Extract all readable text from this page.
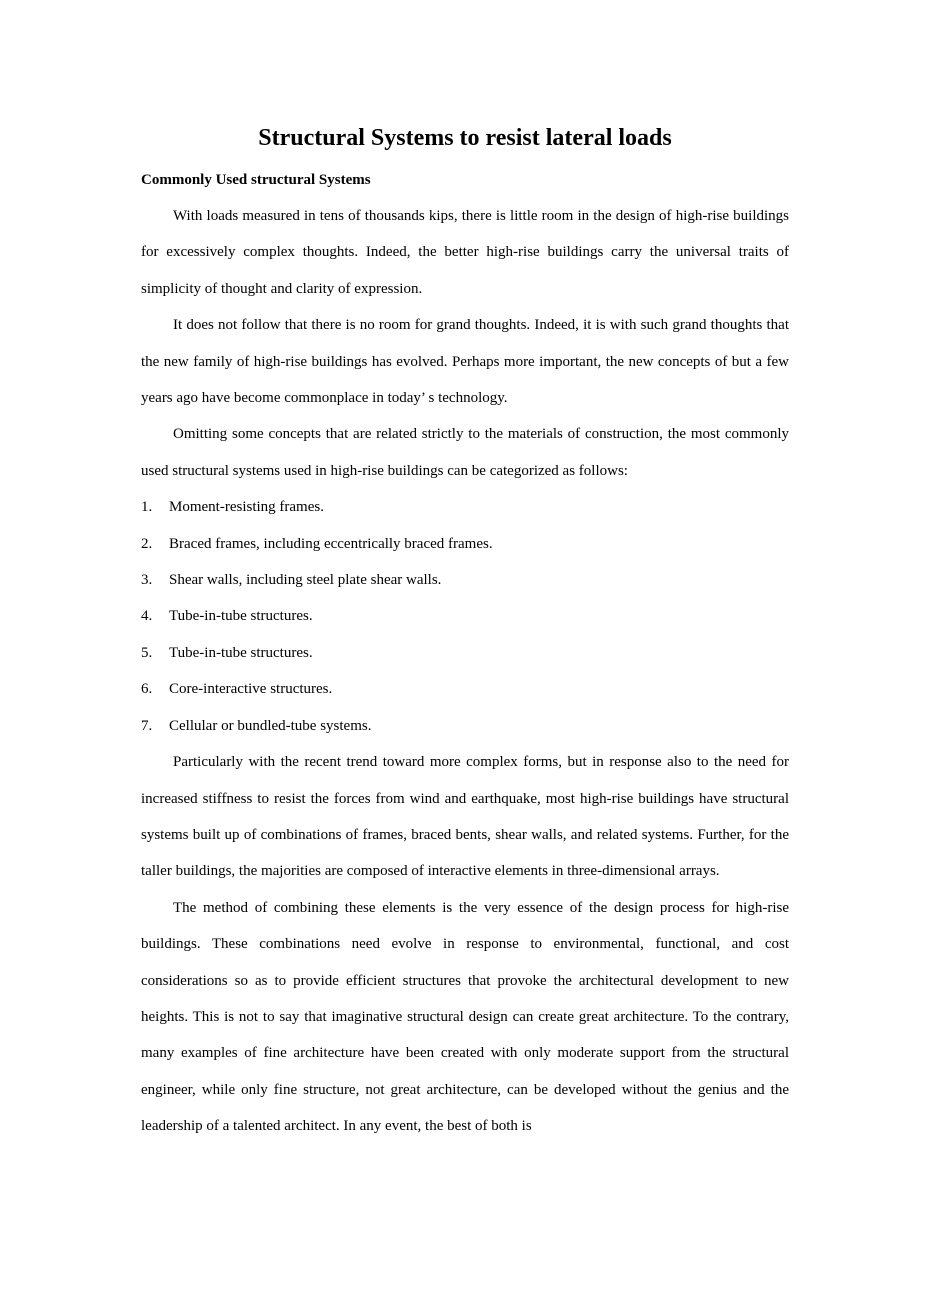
Structural Systems to resist lateral loads
Commonly Used structural Systems

With loads measured in tens of thousands kips, there is little room in the design of high-rise buildings for excessively complex thoughts. Indeed, the better high-rise buildings carry the universal traits of simplicity of thought and clarity of expression.

It does not follow that there is no room for grand thoughts. Indeed, it is with such grand thoughts that the new family of high-rise buildings has evolved. Perhaps more important, the new concepts of but a few years ago have become commonplace in today’ s technology.

Omitting some concepts that are related strictly to the materials of construction, the most commonly used structural systems used in high-rise buildings can be categorized as follows:

1.	Moment-resisting frames.
2.	Braced frames, including eccentrically braced frames.
3.	Shear walls, including steel plate shear walls.
4.	Tube-in-tube structures.
5.	Tube-in-tube structures.
6.	Core-interactive structures.
7.	Cellular or bundled-tube systems.

Particularly with the recent trend toward more complex forms, but in response also to the need for increased stiffness to resist the forces from wind and earthquake, most high-rise buildings have structural systems built up of combinations of frames, braced bents, shear walls, and related systems. Further, for the taller buildings, the majorities are composed of interactive elements in three-dimensional arrays.

The method of combining these elements is the very essence of the design process for high-rise buildings. These combinations need evolve in response to environmental, functional, and cost considerations so as to provide efficient structures that provoke the architectural development to new heights. This is not to say that imaginative structural design can create great architecture. To the contrary, many examples of fine architecture have been created with only moderate support from the structural engineer, while only fine structure, not great architecture, can be developed without the genius and the leadership of a talented architect. In any event, the best of both is
